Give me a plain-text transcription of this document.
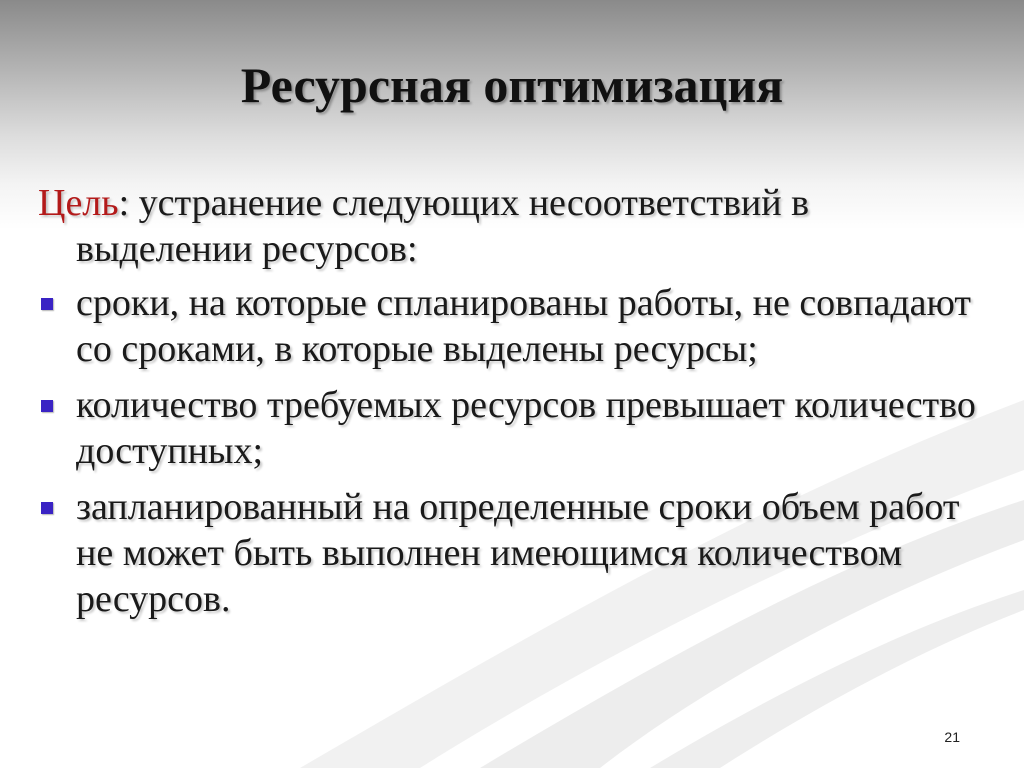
Ресурсная оптимизация

Цель: устранение следующих несоответствий в выделении ресурсов:

сроки, на которые спланированы работы, не совпадают со сроками, в которые выделены ресурсы;
количество требуемых ресурсов превышает количество доступных;
запланированный на определенные сроки объем работ не может быть выполнен имеющимся количеством ресурсов.
21
